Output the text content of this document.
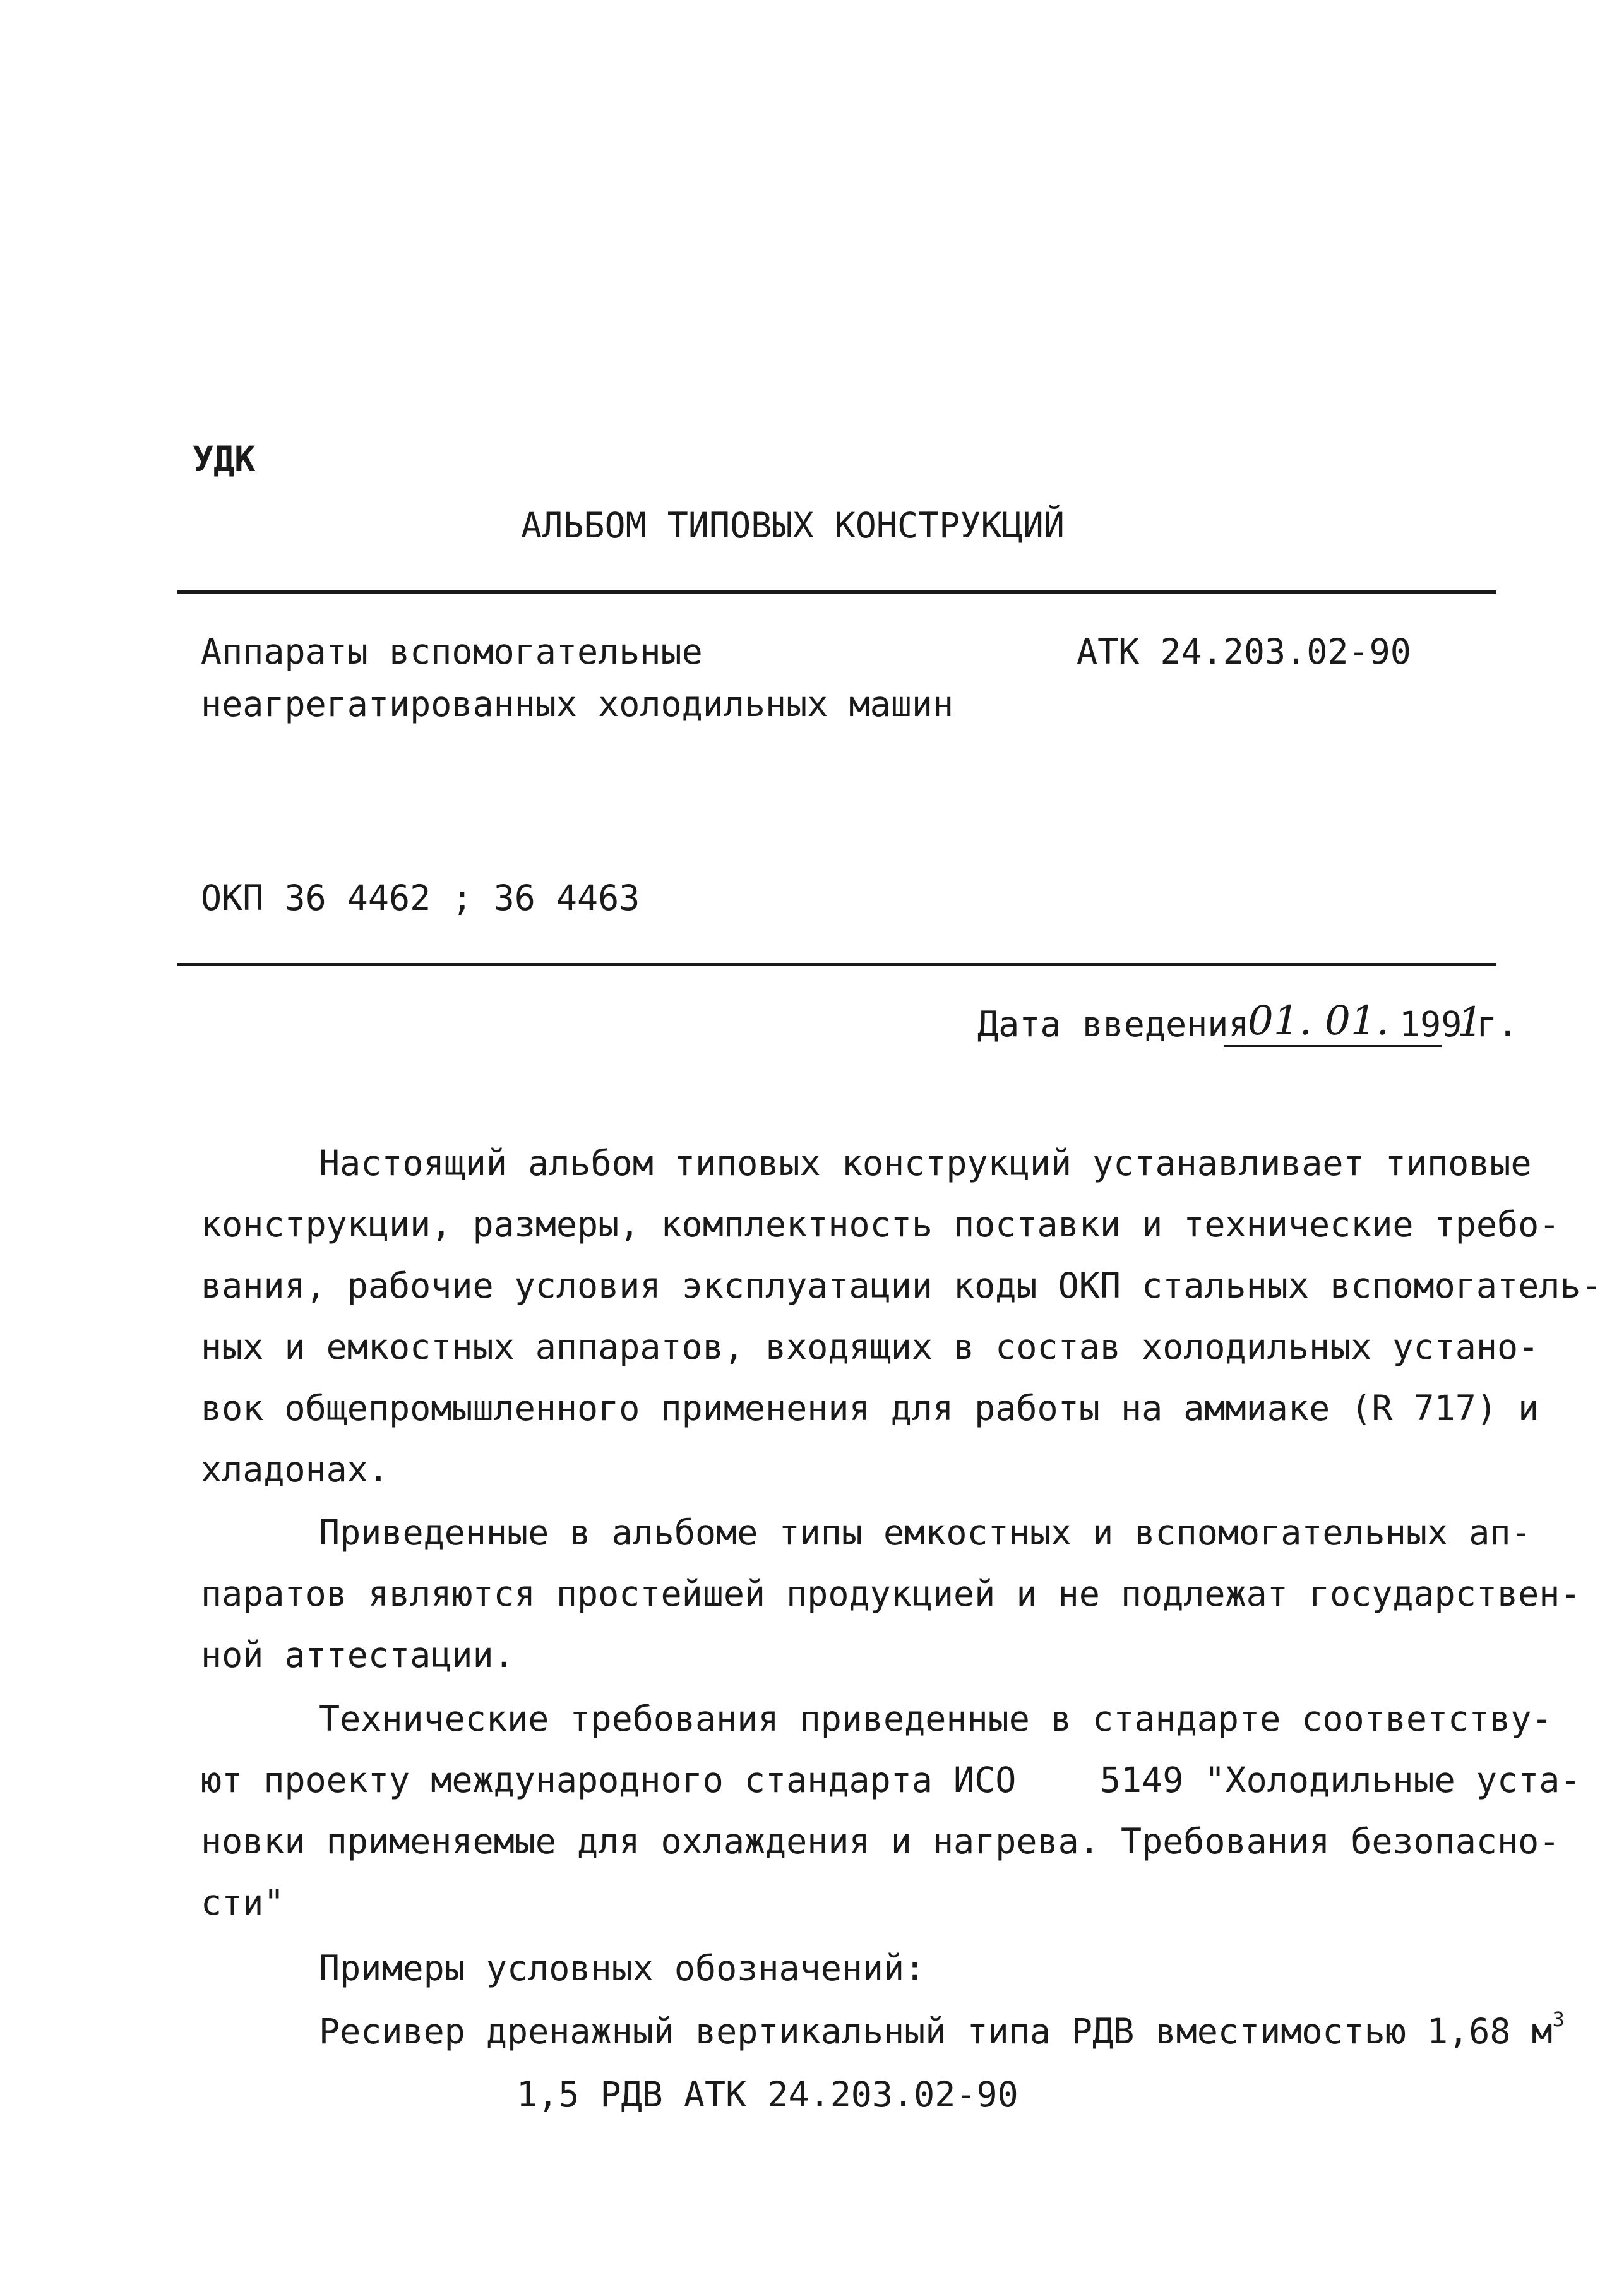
УДК
АЛЬБОМ ТИПОВЫХ КОНСТРУКЦИЙ
Аппараты вспомогательные
неагрегатированных холодильных машин
АТК 24.203.02-90
ОКП 36 4462 ; 36 4463
Дата введения
01. 01. 199
1
г.
Настоящий альбом типовых конструкций устанавливает типовые
конструкции, размеры, комплектность поставки и технические требо-
вания, рабочие условия эксплуатации коды ОКП стальных вспомогатель-
ных и емкостных аппаратов, входящих в состав холодильных устано-
вок общепромышленного применения для работы на аммиаке (R 717) и
хладонах.
Приведенные в альбоме типы емкостных и вспомогательных ап-
паратов являются простейшей продукцией и не подлежат государствен-
ной аттестации.
Технические требования приведенные в стандарте соответству-
ют проекту международного стандарта ИСО    5149 "Холодильные уста-
новки применяемые для охлаждения и нагрева. Требования безопасно-
сти"
Примеры условных обозначений:
Ресивер дренажный вертикальный типа РДВ вместимостью 1,68 $м^3$
1,5 РДВ АТК 24.203.02-90
